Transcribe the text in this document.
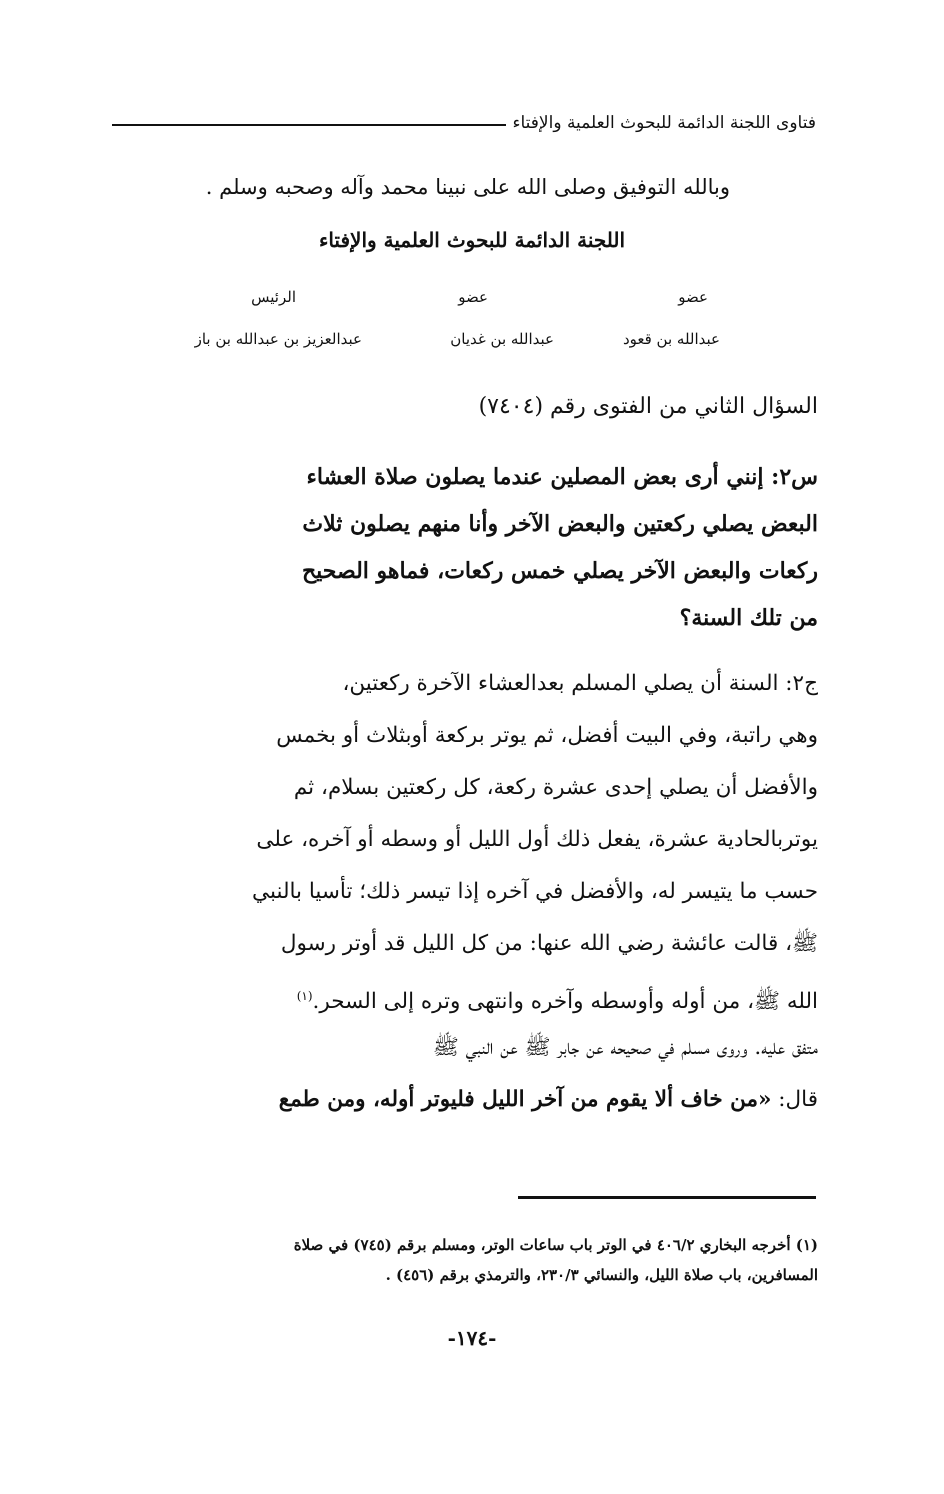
فتاوى اللجنة الدائمة للبحوث العلمية والإفتاء
وبالله التوفيق وصلى الله على نبينا محمد وآله وصحبه وسلم .
اللجنة الدائمة للبحوث العلمية والإفتاء
عضو
عضو
الرئيس
عبدالله بن قعود
عبدالله بن غديان
عبدالعزيز بن عبدالله بن باز
السؤال الثاني من الفتوى رقم (٧٤٠٤)
س٢: إنني أرى بعض المصلين عندما يصلون صلاة العشاء
البعض يصلي ركعتين والبعض الآخر وأنا منهم يصلون ثلاث
ركعات والبعض الآخر يصلي خمس ركعات، فماهو الصحيح
من تلك السنة؟
ج٢: السنة أن يصلي المسلم بعدالعشاء الآخرة ركعتين،
وهي راتبة، وفي البيت أفضل، ثم يوتر بركعة أوبثلاث أو بخمس
والأفضل أن يصلي إحدى عشرة ركعة، كل ركعتين بسلام، ثم
يوتربالحادية عشرة، يفعل ذلك أول الليل أو وسطه أو آخره، على
حسب ما يتيسر له، والأفضل في آخره إذا تيسر ذلك؛ تأسيا بالنبي
ﷺ، قالت عائشة رضي الله عنها: من كل الليل قد أوتر رسول
الله ﷺ، من أوله وأوسطه وآخره وانتهى وتره إلى السحر.$^{(١)}$
متفق عليه. وروى مسلم في صحيحه عن جابر ﷺ عن النبي ﷺ
قال: «من خاف ألا يقوم من آخر الليل فليوتر أوله، ومن طمع
(١) أخرجه البخاري ٤٠٦/٢ في الوتر باب ساعات الوتر، ومسلم برقم (٧٤٥) في صلاة
المسافرين، باب صلاة الليل، والنسائي ٢٣٠/٣، والترمذي برقم (٤٥٦) .
-١٧٤-
